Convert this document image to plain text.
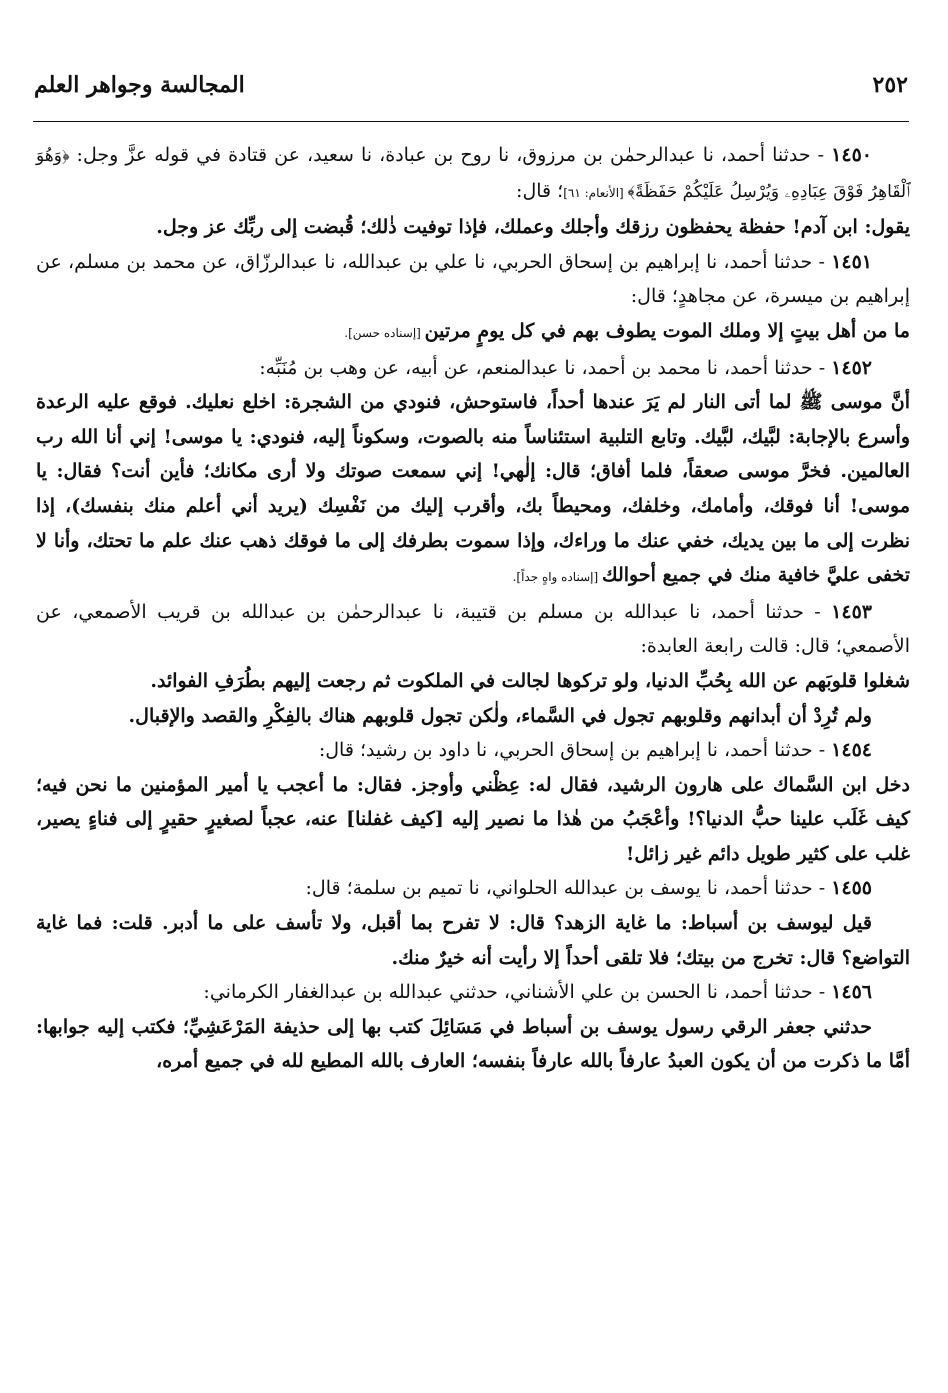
٢٥٢
المجالسة وجواهر العلم

١٤٥٠ - حدثنا أحمد، نا عبدالرحمٰن بن مرزوق، نا روح بن عبادة، نا سعيد، عن قتادة في قوله عزَّ وجل: ﴿وَهُوَ ٱلْقَاهِرُ فَوْقَ عِبَادِهِۦ وَيُرْسِلُ عَلَيْكُمْ حَفَظَةً﴾ [الأنعام: ٦١]؛ قال:

يقول: ابن آدم! حفظة يحفظون رزقك وأجلك وعملك، فإذا توفيت ذٰلك؛ قُبضت إلى ربِّك عز وجل.

١٤٥١ - حدثنا أحمد، نا إبراهيم بن إسحاق الحربي، نا علي بن عبدالله، نا عبدالرزّاق، عن محمد بن مسلم، عن إبراهيم بن ميسرة، عن مجاهدٍ؛ قال:

ما من أهل بيتٍ إلا وملك الموت يطوف بهم في كل يومٍ مرتين [إسناده حسن].

١٤٥٢ - حدثنا أحمد، نا محمد بن أحمد، نا عبدالمنعم، عن أبيه، عن وهب بن مُنَبِّه:

أنَّ موسى ﷺ لما أتى النار لم يَرَ عندها أحداً، فاستوحش، فنودي من الشجرة: اخلع نعليك. فوقع عليه الرعدة وأسرع بالإجابة: لبَّيك، لبَّيك. وتابع التلبية استئناساً منه بالصوت، وسكوناً إليه، فنودي: يا موسى! إني أنا الله رب العالمين. فخرَّ موسى صعقاً، فلما أفاق؛ قال: إلٰهي! إني سمعت صوتك ولا أرى مكانك؛ فأين أنت؟ فقال: يا موسى! أنا فوقك، وأمامك، وخلفك، ومحيطاً بك، وأقرب إليك من نَفْسِك (يريد أني أعلم منك بنفسك)، إذا نظرت إلى ما بين يديك، خفي عنك ما وراءك، وإذا سموت بطرفك إلى ما فوقك ذهب عنك علم ما تحتك، وأنا لا تخفى عليَّ خافية منك في جميع أحوالك [إسناده واهٍ جداً].

١٤٥٣ - حدثنا أحمد، نا عبدالله بن مسلم بن قتيبة، نا عبدالرحمٰن بن عبدالله بن قريب الأصمعي، عن الأصمعي؛ قال: قالت رابعة العابدة:

شغلوا قلوبَهم عن الله بِحُبِّ الدنيا، ولو تركوها لجالت في الملكوت ثم رجعت إليهم بطُرَفِ الفوائد.

ولم تُرِدْ أن أبدانهم وقلوبهم تجول في السَّماء، ولٰكن تجول قلوبهم هناك بالفِكْرِ والقصد والإقبال.

١٤٥٤ - حدثنا أحمد، نا إبراهيم بن إسحاق الحربي، نا داود بن رشيد؛ قال:

دخل ابن السَّماك على هارون الرشيد، فقال له: عِظْني وأوجز. فقال: ما أعجب يا أمير المؤمنين ما نحن فيه؛ كيف غَلَب علينا حبُّ الدنيا؟! وأعْجَبُ من هٰذا ما نصير إليه [كيف غفلنا] عنه، عجباً لصغيرٍ حقيرٍ إلى فناءٍ يصير، غلب على كثير طويل دائم غير زائل!

١٤٥٥ - حدثنا أحمد، نا يوسف بن عبدالله الحلواني، نا تميم بن سلمة؛ قال:

قيل ليوسف بن أسباط: ما غاية الزهد؟ قال: لا تفرح بما أقبل، ولا تأسف على ما أدبر. قلت: فما غاية التواضع؟ قال: تخرج من بيتك؛ فلا تلقى أحداً إلا رأيت أنه خيرٌ منك.

١٤٥٦ - حدثنا أحمد، نا الحسن بن علي الأشناني، حدثني عبدالله بن عبدالغفار الكرماني:

حدثني جعفر الرقي رسول يوسف بن أسباط في مَسَائِلَ كتب بها إلى حذيفة المَرْعَشِيِّ؛ فكتب إليه جوابها: أمَّا ما ذكرت من أن يكون العبدُ عارفاً بالله عارفاً بنفسه؛ العارف بالله المطيع لله في جميع أمره،
